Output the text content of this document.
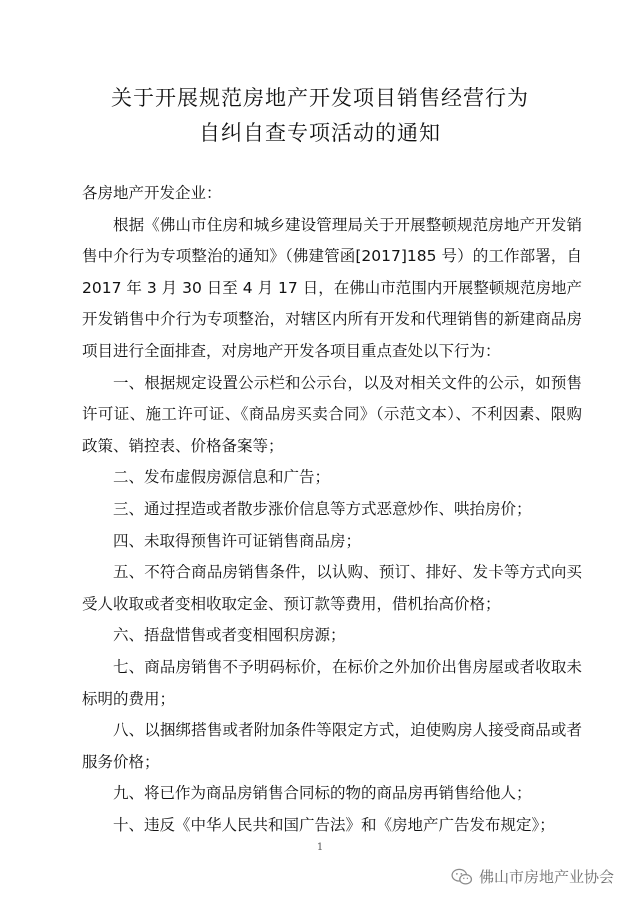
关于开展规范房地产开发项目销售经营行为
自纠自查专项活动的通知

各房地产开发企业：

根据《佛山市住房和城乡建设管理局关于开展整顿规范房地产开发销售中介行为专项整治的通知》（佛建管函[2017]185 号）的工作部署，自 2017 年 3 月 30 日至 4 月 17 日，在佛山市范围内开展整顿规范房地产开发销售中介行为专项整治，对辖区内所有开发和代理销售的新建商品房项目进行全面排查，对房地产开发各项目重点查处以下行为：

一、根据规定设置公示栏和公示台，以及对相关文件的公示，如预售许可证、施工许可证、《商品房买卖合同》（示范文本）、不利因素、限购政策、销控表、价格备案等；

二、发布虚假房源信息和广告；

三、通过捏造或者散步涨价信息等方式恶意炒作、哄抬房价；

四、未取得预售许可证销售商品房；

五、不符合商品房销售条件，以认购、预订、排好、发卡等方式向买受人收取或者变相收取定金、预订款等费用，借机抬高价格；

六、捂盘惜售或者变相囤积房源；

七、商品房销售不予明码标价，在标价之外加价出售房屋或者收取未标明的费用；

八、以捆绑搭售或者附加条件等限定方式，迫使购房人接受商品或者服务价格；

九、将已作为商品房销售合同标的物的商品房再销售给他人；

十、违反《中华人民共和国广告法》和《房地产广告发布规定》；

1
佛山市房地产业协会
